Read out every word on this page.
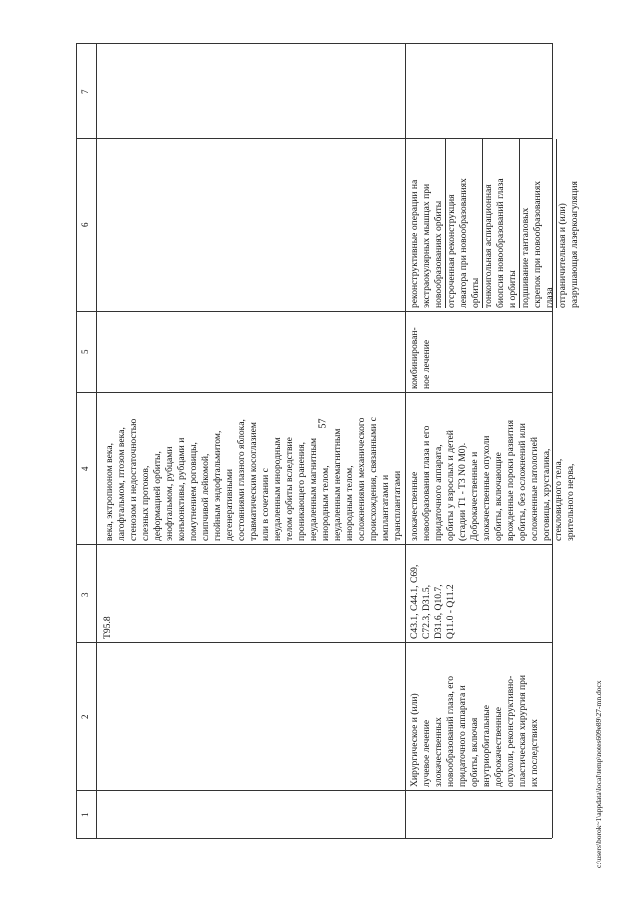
57
7
6
5
4
3
2
1
T95.8
века, эктропионом века, лагофтальмом, птозом века, стенозом и недостаточностью слезных протоков, деформацией орбиты, энофтальмом, рубцами конъюнктивы, рубцами и помутнением роговицы, слипчивой лейкомой, гнойным эндофтальмитом, дегенеративными состояниями глазного яблока, травматическим косоглазием или в сочетании с неудаленным инородным телом орбиты вследствие проникающего ранения, неудаленным магнитным инородным телом, неудаленным немагнитным инородным телом, осложнениями механического происхождения, связанными с имплантатами и трансплантатами
Хирургическое и (или) лучевое лечение злокачественных новообразований глаза, его придаточного аппарата и орбиты, включая внутриорбитальные доброкачественные опухоли, реконструктивно- пластическая хирургия при их последствиях
C43.1, C44.1, C69, C72.3, D31.5, D31.6, Q10.7, Q11.0 - Q11.2
злокачественные новообразования глаза и его придаточного аппарата, орбиты у взрослых и детей (стадии T1 - T3 N0 M0). Доброкачественные и злокачественные опухоли орбиты, включающие врожденные пороки развития орбиты, без осложнений или осложненные патологией роговицы, хрусталика, стекловидного тела, зрительного нерва,
комбинирован- ное лечение
реконструктивные операции на экстраокулярных мышцах при новообразованиях орбиты отсроченная реконструкция леватора при новообразованиях орбиты тонкоигольная аспирационная биопсия новообразований глаза и орбиты подшивание танталовых скрепок при новообразованиях глаза отграничительная и (или) разрушающая лазеркоагуляция
c:\users\borok~1\appdata\local\temp\notes609e89\27-mn.docx
